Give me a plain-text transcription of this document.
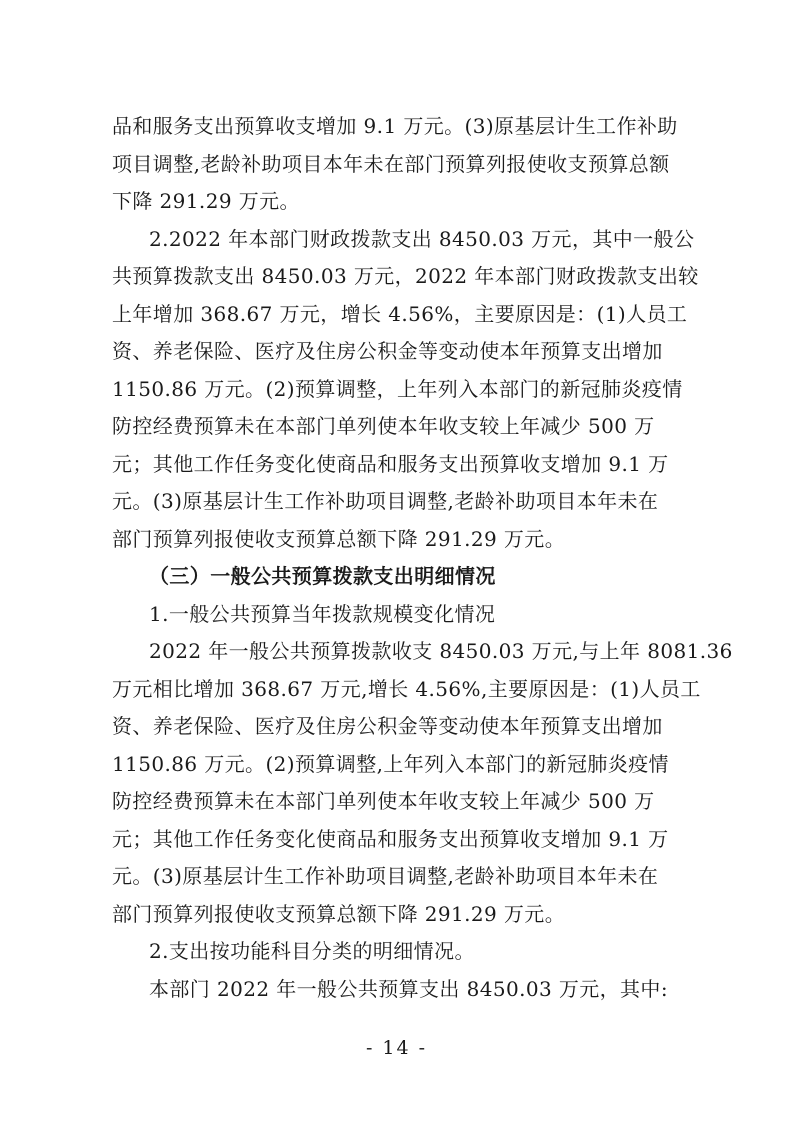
品和服务支出预算收支增加 9.1 万元。(3)原基层计生工作补助
项目调整,老龄补助项目本年未在部门预算列报使收支预算总额
下降 291.29 万元。
2.2022 年本部门财政拨款支出 8450.03 万元，其中一般公
共预算拨款支出 8450.03 万元，2022 年本部门财政拨款支出较
上年增加 368.67 万元，增长 4.56%，主要原因是：(1)人员工
资、养老保险、医疗及住房公积金等变动使本年预算支出增加
1150.86 万元。(2)预算调整，上年列入本部门的新冠肺炎疫情
防控经费预算未在本部门单列使本年收支较上年减少 500 万
元；其他工作任务变化使商品和服务支出预算收支增加 9.1 万
元。(3)原基层计生工作补助项目调整,老龄补助项目本年未在
部门预算列报使收支预算总额下降 291.29 万元。
（三）一般公共预算拨款支出明细情况
1.一般公共预算当年拨款规模变化情况
2022 年一般公共预算拨款收支 8450.03 万元,与上年 8081.36
万元相比增加 368.67 万元,增长 4.56%,主要原因是：(1)人员工
资、养老保险、医疗及住房公积金等变动使本年预算支出增加
1150.86 万元。(2)预算调整,上年列入本部门的新冠肺炎疫情
防控经费预算未在本部门单列使本年收支较上年减少 500 万
元；其他工作任务变化使商品和服务支出预算收支增加 9.1 万
元。(3)原基层计生工作补助项目调整,老龄补助项目本年未在
部门预算列报使收支预算总额下降 291.29 万元。
2.支出按功能科目分类的明细情况。
本部门 2022 年一般公共预算支出 8450.03 万元，其中:
- 14 -
